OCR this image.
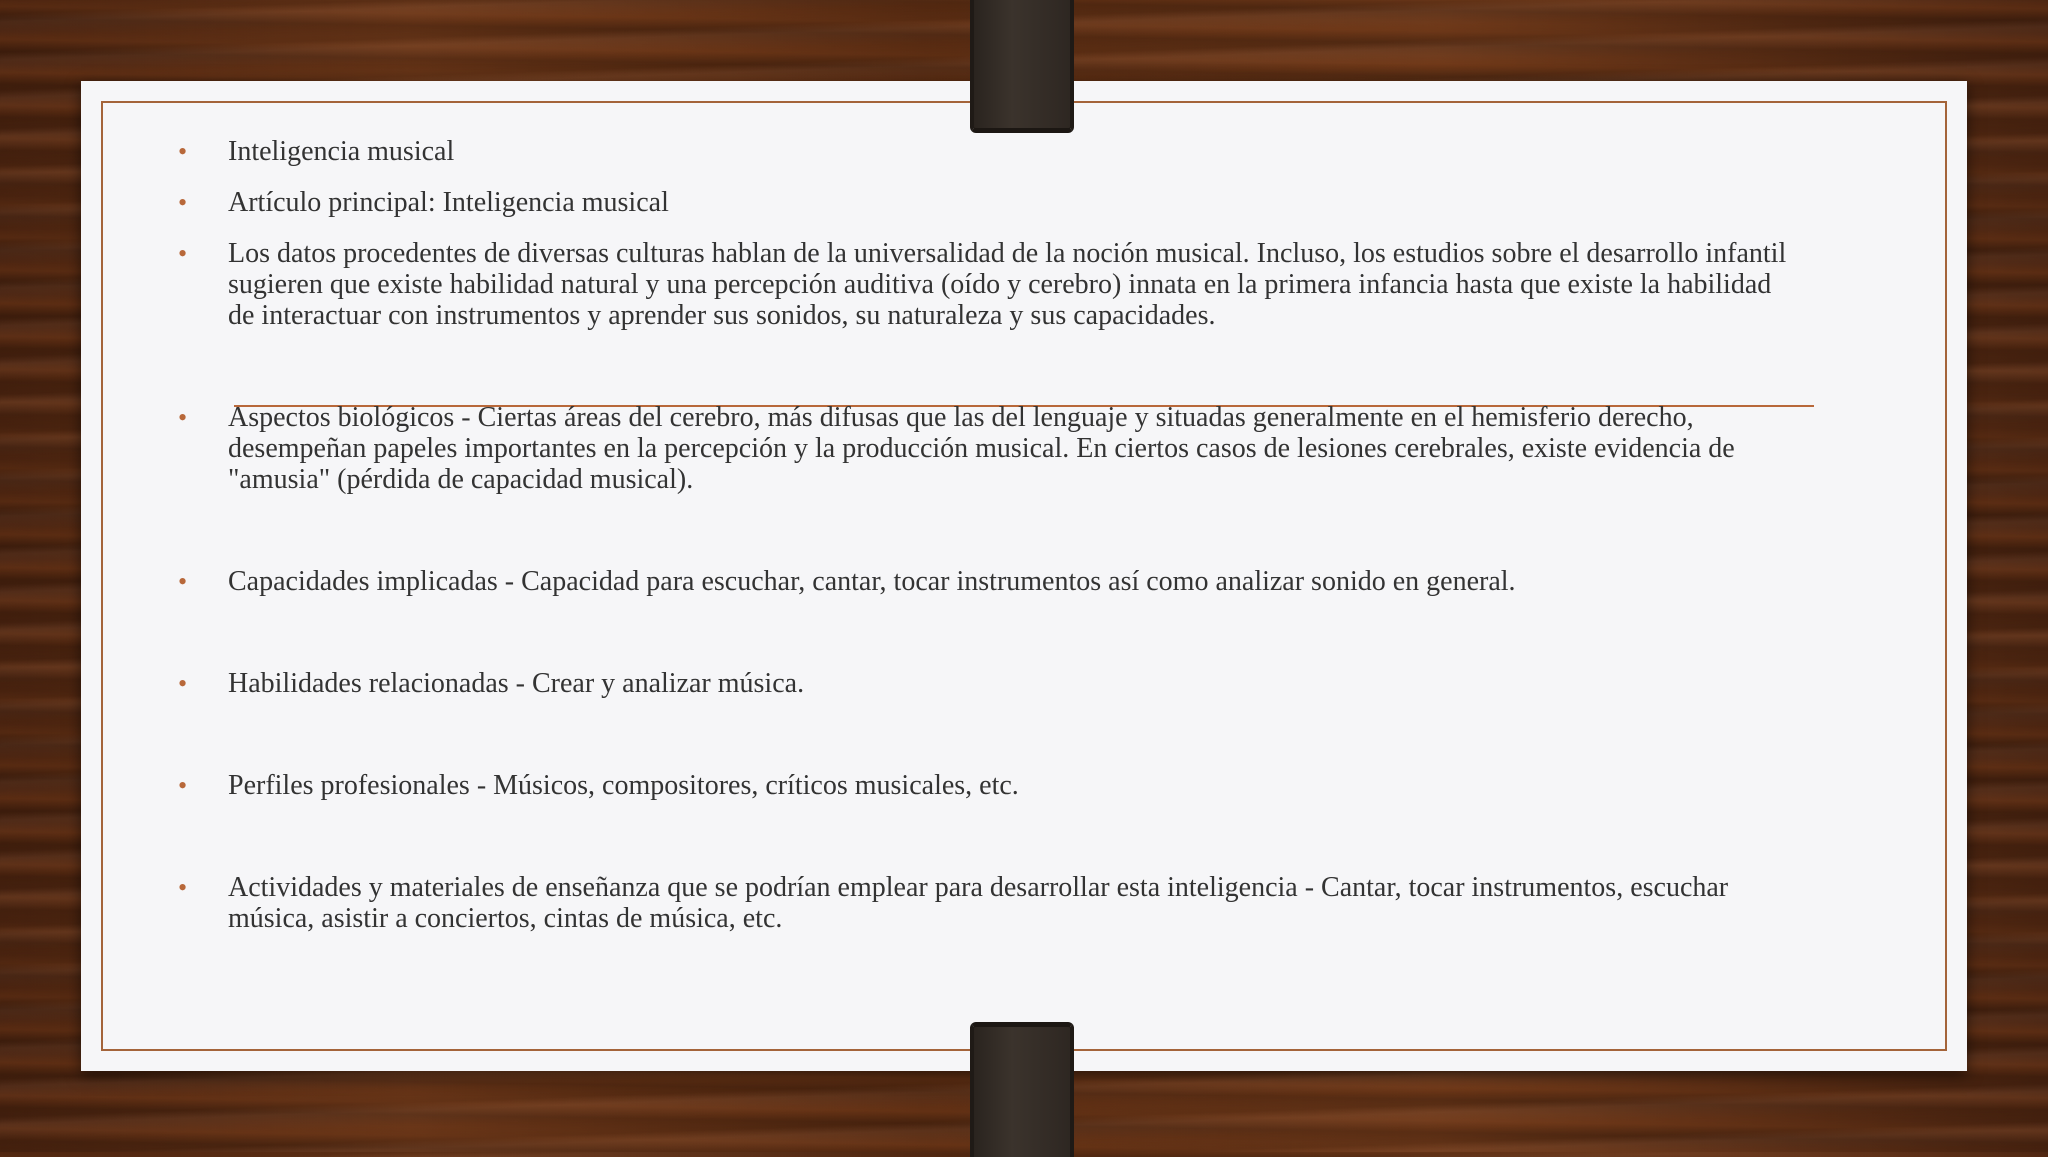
• Inteligencia musical
• Artículo principal: Inteligencia musical
• Los datos procedentes de diversas culturas hablan de la universalidad de la noción musical. Incluso, los estudios sobre el desarrollo infantil sugieren que existe habilidad natural y una percepción auditiva (oído y cerebro) innata en la primera infancia hasta que existe la habilidad de interactuar con instrumentos y aprender sus sonidos, su naturaleza y sus capacidades.
• Aspectos biológicos - Ciertas áreas del cerebro, más difusas que las del lenguaje y situadas generalmente en el hemisferio derecho, desempeñan papeles importantes en la percepción y la producción musical. En ciertos casos de lesiones cerebrales, existe evidencia de "amusia" (pérdida de capacidad musical).
• Capacidades implicadas - Capacidad para escuchar, cantar, tocar instrumentos así como analizar sonido en general.
• Habilidades relacionadas - Crear y analizar música.
• Perfiles profesionales - Músicos, compositores, críticos musicales, etc.
• Actividades y materiales de enseñanza que se podrían emplear para desarrollar esta inteligencia - Cantar, tocar instrumentos, escuchar música, asistir a conciertos, cintas de música, etc.
